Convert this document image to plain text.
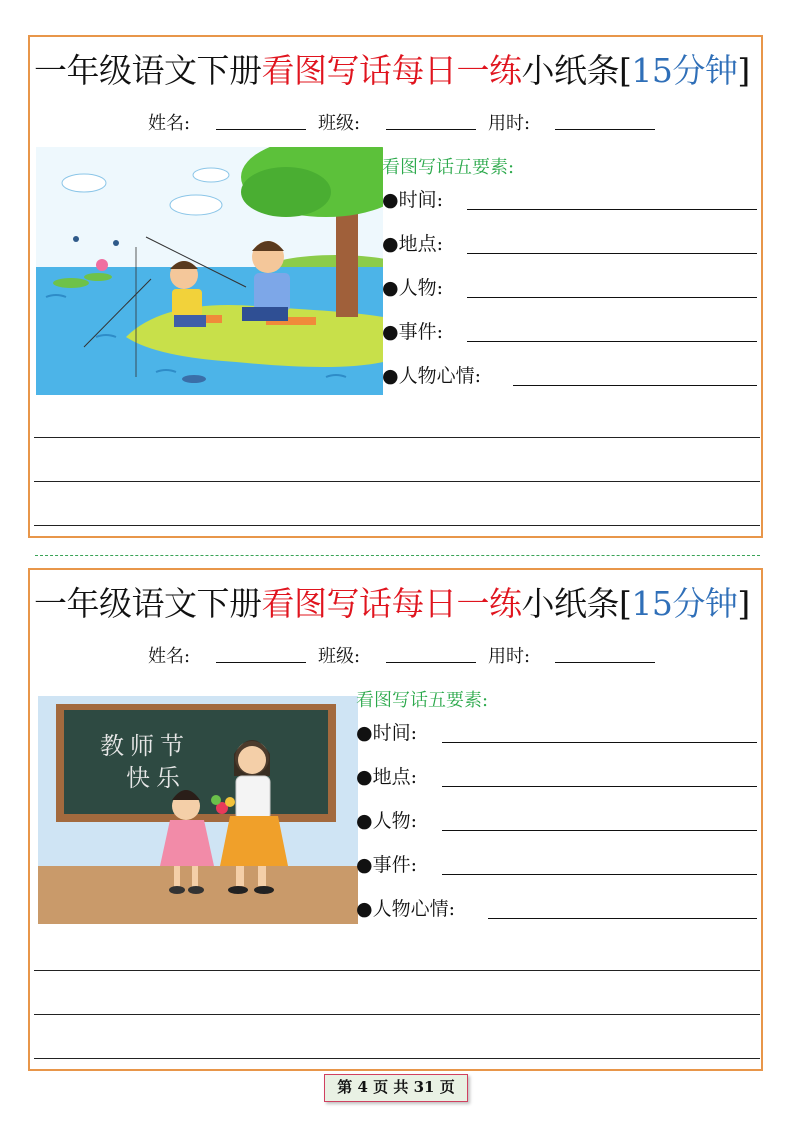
一年级语文下册看图写话每日一练小纸条[15分钟]
姓名:	班级:	用时:
看图写话五要素:
●时间:
●地点:
●人物:
●事件:
●人物心情:
一年级语文下册看图写话每日一练小纸条[15分钟]
姓名:	班级:	用时:
教师节
快乐
看图写话五要素:
●时间:
●地点:
●人物:
●事件:
●人物心情:
第 4 页 共 31 页
